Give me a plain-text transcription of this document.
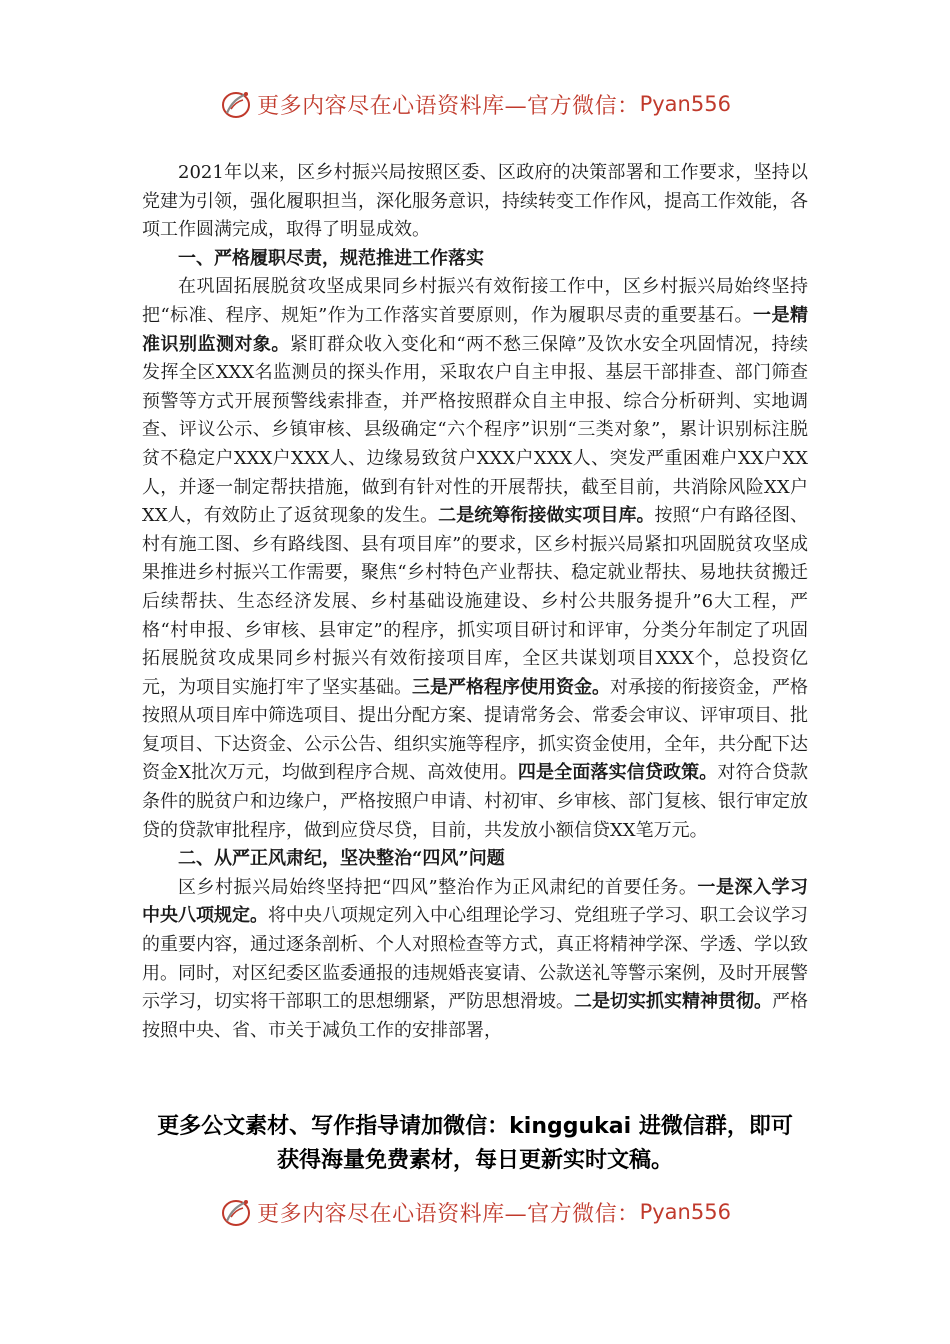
更多内容尽在心语资料库—官方微信： Pyan556

2021年以来，区乡村振兴局按照区委、区政府的决策部署和工作要求，坚持以党建为引领，强化履职担当，深化服务意识，持续转变工作作风，提高工作效能，各项工作圆满完成，取得了明显成效。

一、严格履职尽责，规范推进工作落实

在巩固拓展脱贫攻坚成果同乡村振兴有效衔接工作中，区乡村振兴局始终坚持把“标准、程序、规矩”作为工作落实首要原则，作为履职尽责的重要基石。一是精准识别监测对象。紧盯群众收入变化和“两不愁三保障”及饮水安全巩固情况，持续发挥全区XXX名监测员的探头作用，采取农户自主申报、基层干部排查、部门筛查预警等方式开展预警线索排查，并严格按照群众自主申报、综合分析研判、实地调查、评议公示、乡镇审核、县级确定“六个程序”识别“三类对象”，累计识别标注脱贫不稳定户XXX户XXX人、边缘易致贫户XXX户XXX人、突发严重困难户XX户XX人，并逐一制定帮扶措施，做到有针对性的开展帮扶，截至目前，共消除风险XX户XX人，有效防止了返贫现象的发生。二是统筹衔接做实项目库。按照“户有路径图、村有施工图、乡有路线图、县有项目库”的要求，区乡村振兴局紧扣巩固脱贫攻坚成果推进乡村振兴工作需要，聚焦“乡村特色产业帮扶、稳定就业帮扶、易地扶贫搬迁后续帮扶、生态经济发展、乡村基础设施建设、乡村公共服务提升”6大工程，严格“村申报、乡审核、县审定”的程序，抓实项目研讨和评审，分类分年制定了巩固拓展脱贫攻成果同乡村振兴有效衔接项目库，全区共谋划项目XXX个，总投资亿元，为项目实施打牢了坚实基础。三是严格程序使用资金。对承接的衔接资金，严格按照从项目库中筛选项目、提出分配方案、提请常务会、常委会审议、评审项目、批复项目、下达资金、公示公告、组织实施等程序，抓实资金使用，全年，共分配下达资金X批次万元，均做到程序合规、高效使用。四是全面落实信贷政策。对符合贷款条件的脱贫户和边缘户，严格按照户申请、村初审、乡审核、部门复核、银行审定放贷的贷款审批程序，做到应贷尽贷，目前，共发放小额信贷XX笔万元。

二、从严正风肃纪，坚决整治“四风”问题

区乡村振兴局始终坚持把“四风”整治作为正风肃纪的首要任务。一是深入学习中央八项规定。将中央八项规定列入中心组理论学习、党组班子学习、职工会议学习的重要内容，通过逐条剖析、个人对照检查等方式，真正将精神学深、学透、学以致用。同时，对区纪委区监委通报的违规婚丧宴请、公款送礼等警示案例，及时开展警示学习，切实将干部职工的思想绷紧，严防思想滑坡。二是切实抓实精神贯彻。严格按照中央、省、市关于减负工作的安排部署，

更多公文素材、写作指导请加微信：kinggukai 进微信群，即可
获得海量免费素材，每日更新实时文稿。
更多内容尽在心语资料库—官方微信： Pyan556
